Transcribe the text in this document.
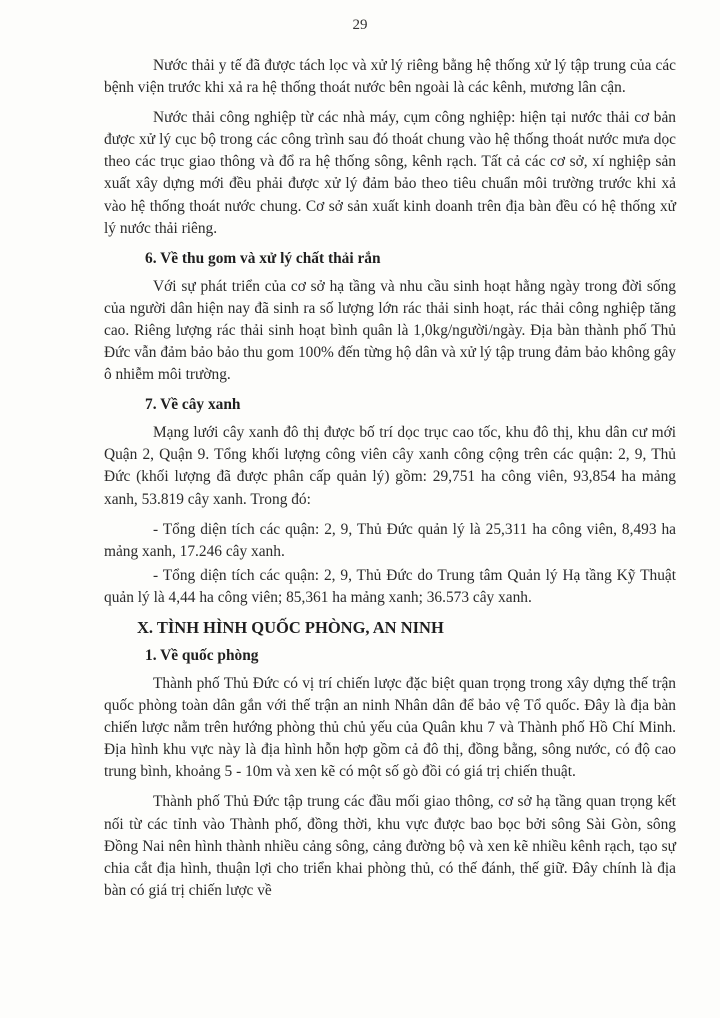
29

Nước thải y tế đã được tách lọc và xử lý riêng bằng hệ thống xử lý tập trung của các bệnh viện trước khi xả ra hệ thống thoát nước bên ngoài là các kênh, mương lân cận.

Nước thải công nghiệp từ các nhà máy, cụm công nghiệp: hiện tại nước thải cơ bản được xử lý cục bộ trong các công trình sau đó thoát chung vào hệ thống thoát nước mưa dọc theo các trục giao thông và đổ ra hệ thống sông, kênh rạch. Tất cả các cơ sở, xí nghiệp sản xuất xây dựng mới đều phải được xử lý đảm bảo theo tiêu chuẩn môi trường trước khi xả vào hệ thống thoát nước chung. Cơ sở sản xuất kinh doanh trên địa bàn đều có hệ thống xử lý nước thải riêng.

6. Về thu gom và xử lý chất thải rắn

Với sự phát triển của cơ sở hạ tầng và nhu cầu sinh hoạt hằng ngày trong đời sống của người dân hiện nay đã sinh ra số lượng lớn rác thải sinh hoạt, rác thải công nghiệp tăng cao. Riêng lượng rác thải sinh hoạt bình quân là 1,0kg/người/ngày. Địa bàn thành phố Thủ Đức vẫn đảm bảo bảo thu gom 100% đến từng hộ dân và xử lý tập trung đảm bảo không gây ô nhiễm môi trường.

7. Về cây xanh

Mạng lưới cây xanh đô thị được bố trí dọc trục cao tốc, khu đô thị, khu dân cư mới Quận 2, Quận 9. Tổng khối lượng công viên cây xanh công cộng trên các quận: 2, 9, Thủ Đức (khối lượng đã được phân cấp quản lý) gồm: 29,751 ha công viên, 93,854 ha mảng xanh, 53.819 cây xanh. Trong đó:

- Tổng diện tích các quận: 2, 9, Thủ Đức quản lý là 25,311 ha công viên, 8,493 ha mảng xanh, 17.246 cây xanh.

- Tổng diện tích các quận: 2, 9, Thủ Đức do Trung tâm Quản lý Hạ tầng Kỹ Thuật quản lý là 4,44 ha công viên; 85,361 ha mảng xanh; 36.573 cây xanh.

X. TÌNH HÌNH QUỐC PHÒNG, AN NINH
1. Về quốc phòng

Thành phố Thủ Đức có vị trí chiến lược đặc biệt quan trọng trong xây dựng thế trận quốc phòng toàn dân gắn với thế trận an ninh Nhân dân để bảo vệ Tổ quốc. Đây là địa bàn chiến lược nằm trên hướng phòng thủ chủ yếu của Quân khu 7 và Thành phố Hồ Chí Minh. Địa hình khu vực này là địa hình hỗn hợp gồm cả đô thị, đồng bằng, sông nước, có độ cao trung bình, khoảng 5 - 10m và xen kẽ có một số gò đồi có giá trị chiến thuật.

Thành phố Thủ Đức tập trung các đầu mối giao thông, cơ sở hạ tầng quan trọng kết nối từ các tỉnh vào Thành phố, đồng thời, khu vực được bao bọc bởi sông Sài Gòn, sông Đồng Nai nên hình thành nhiều cảng sông, cảng đường bộ và xen kẽ nhiều kênh rạch, tạo sự chia cắt địa hình, thuận lợi cho triển khai phòng thủ, có thế đánh, thế giữ. Đây chính là địa bàn có giá trị chiến lược về
